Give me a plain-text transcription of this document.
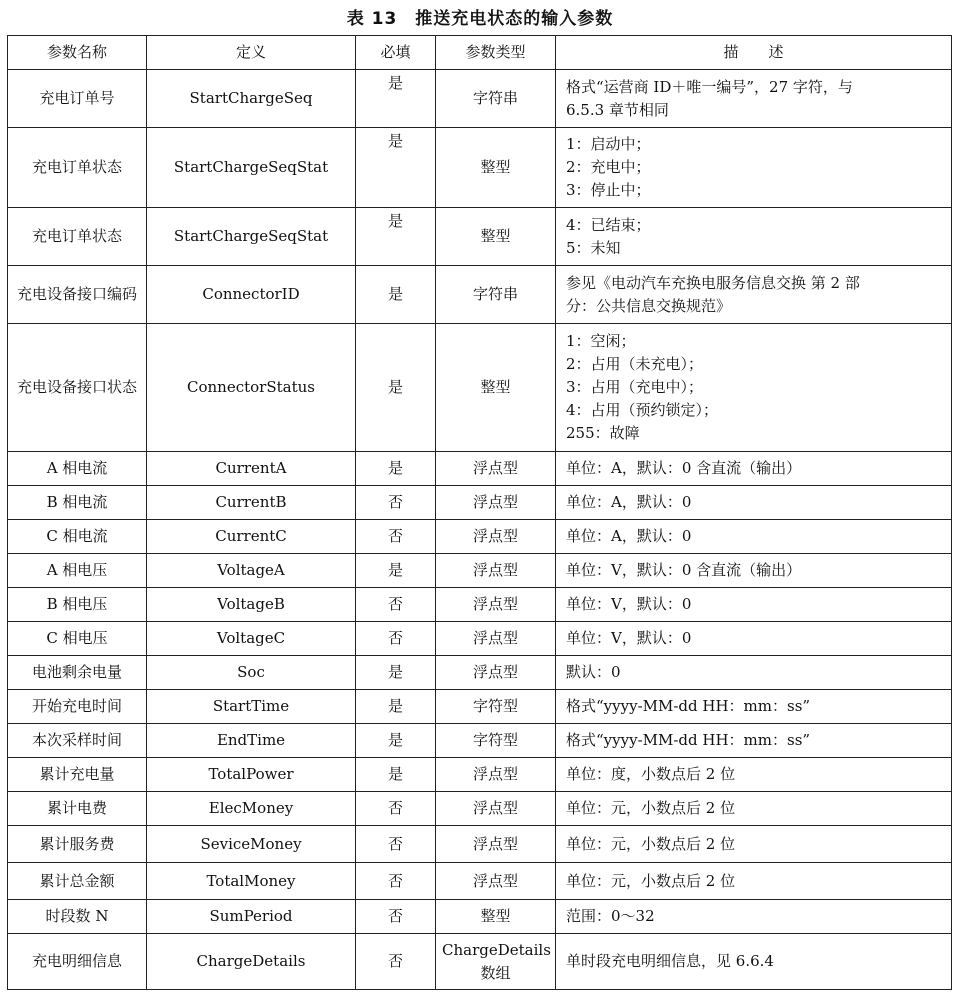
表 13　推送充电状态的输入参数
参数名称	定义	必填	参数类型	描　　述
充电订单号	StartChargeSeq	是	字符串	格式“运营商 ID＋唯一编号”，27 字符，与
6.5.3 章节相同

充电订单状态	StartChargeSeqStat	是	整型	1：启动中；
2：充电中；
3：停止中；

充电订单状态	StartChargeSeqStat	是	整型	4：已结束；
5：未知

充电设备接口编码	ConnectorID	是	字符串	参见《电动汽车充换电服务信息交换 第 2 部
分：公共信息交换规范》

充电设备接口状态	ConnectorStatus	是	整型	1：空闲；
2：占用（未充电）；
3：占用（充电中）；
4：占用（预约锁定）；
255：故障

A 相电流	CurrentA	是	浮点型	单位：A，默认：0 含直流（输出）

B 相电流	CurrentB	否	浮点型	单位：A，默认：0

C 相电流	CurrentC	否	浮点型	单位：A，默认：0

A 相电压	VoltageA	是	浮点型	单位：V，默认：0 含直流（输出）

B 相电压	VoltageB	否	浮点型	单位：V，默认：0

C 相电压	VoltageC	否	浮点型	单位：V，默认：0

电池剩余电量	Soc	是	浮点型	默认：0

开始充电时间	StartTime	是	字符型	格式“yyyy-MM-dd HH：mm：ss”

本次采样时间	EndTime	是	字符型	格式“yyyy-MM-dd HH：mm：ss”

累计充电量	TotalPower	是	浮点型	单位：度，小数点后 2 位

累计电费	ElecMoney	否	浮点型	单位：元，小数点后 2 位

累计服务费	SeviceMoney	否	浮点型	单位：元，小数点后 2 位

累计总金额	TotalMoney	否	浮点型	单位：元，小数点后 2 位

时段数 N	SumPeriod	否	整型	范围：0～32

充电明细信息	ChargeDetails	否	ChargeDetails 数组	单时段充电明细信息，见 6.6.4
